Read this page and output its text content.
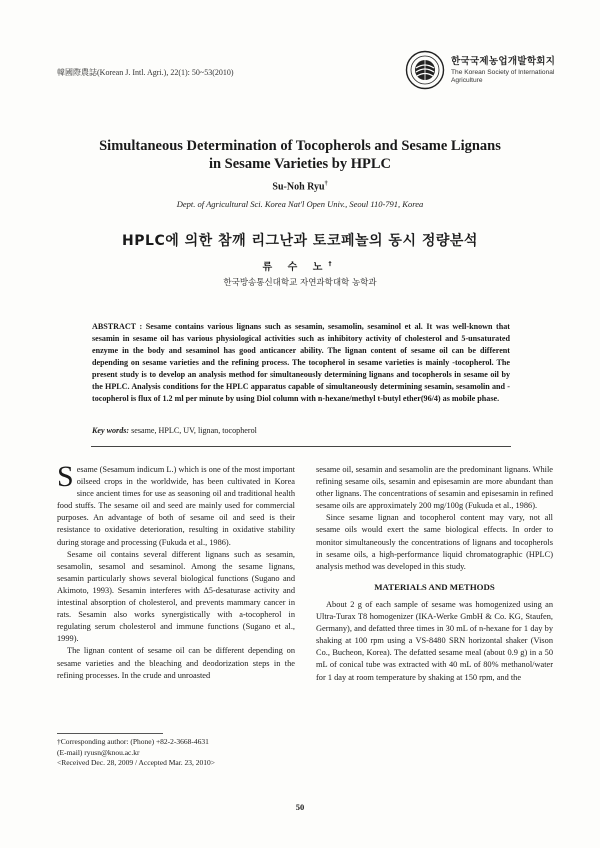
韓國際農誌(Korean J. Intl. Agri.), 22(1): 50~53(2010)
한국국제농업개발학회지
The Korean Society of International
Agriculture
Simultaneous Determination of Tocopherols and Sesame Lignans
in Sesame Varieties by HPLC
Su-Noh Ryu†
Dept. of Agricultural Sci. Korea Nat'l Open Univ., Seoul 110-791, Korea
HPLC에 의한 참깨 리그난과 토코페놀의 동시 정량분석
류 수 노†
한국방송통신대학교 자연과학대학 농학과
ABSTRACT : Sesame contains various lignans such as sesamin, sesamolin, sesaminol et al. It was well-known that sesamin in sesame oil has various physiological activities such as inhibitory activity of cholesterol and 5-unsaturated enzyme in the body and sesaminol has good anticancer ability. The lignan content of sesame oil can be different depending on sesame varieties and the refining process. The tocopherol in sesame varieties is mainly -tocopherol. The present study is to develop an analysis method for simultaneously determining lignans and tocopherols in sesame oil by the HPLC. Analysis conditions for the HPLC apparatus capable of simultaneously determining sesamin, sesamolin and -tocopherol is flux of 1.2 ml per minute by using Diol column with n-hexane/methyl t-butyl ether(96/4) as mobile phase.
Key words: sesame, HPLC, UV, lignan, tocopherol

Sesame (Sesamum indicum L.) which is one of the most important oilseed crops in the worldwide, has been cultivated in Korea since ancient times for use as seasoning oil and traditional health food stuffs. The sesame oil and seed are mainly used for commercial purposes. An advantage of both of sesame oil and seed is their resistance to oxidative deterioration, resulting in oxidative stability during storage and processing (Fukuda et al., 1986).

Sesame oil contains several different lignans such as sesamin, sesamolin, sesamol and sesaminol. Among the sesame lignans, sesamin particularly shows several biological functions (Sugano and Akimoto, 1993). Sesamin interferes with Δ5-desaturase activity and intestinal absorption of cholesterol, and prevents mammary cancer in rats. Sesamin also works synergistically with a-tocopherol in regulating serum cholesterol and immune functions (Sugano et al., 1999).

The lignan content of sesame oil can be different depending on sesame varieties and the bleaching and deodorization steps in the refining processes. In the crude and unroasted

sesame oil, sesamin and sesamolin are the predominant lignans. While refining sesame oils, sesamin and episesamin are more abundant than other lignans. The concentrations of sesamin and episesamin in refined sesame oils are approximately 200 mg/100g (Fukuda et al., 1986).

Since sesame lignan and tocopherol content may vary, not all sesame oils would exert the same biological effects. In order to monitor simultaneously the concentrations of lignans and tocopherols in sesame oils, a high-performance liquid chromatographic (HPLC) analysis method was developed in this study.

MATERIALS AND METHODS

About 2 g of each sample of sesame was homogenized using an Ultra-Turax T8 homogenizer (IKA-Werke GmbH & Co. KG, Staufen, Germany), and defatted three times in 30 mL of n-hexane for 1 day by shaking at 100 rpm using a VS-8480 SRN horizontal shaker (Vison Co., Bucheon, Korea). The defatted sesame meal (about 0.9 g) in a 50 mL of conical tube was extracted with 40 mL of 80% methanol/water for 1 day at room temperature by shaking at 150 rpm, and the

†Corresponding author: (Phone) +82-2-3668-4631
(E-mail) ryusn@knou.ac.kr
<Received Dec. 28, 2009 / Accepted Mar. 23, 2010>
50
